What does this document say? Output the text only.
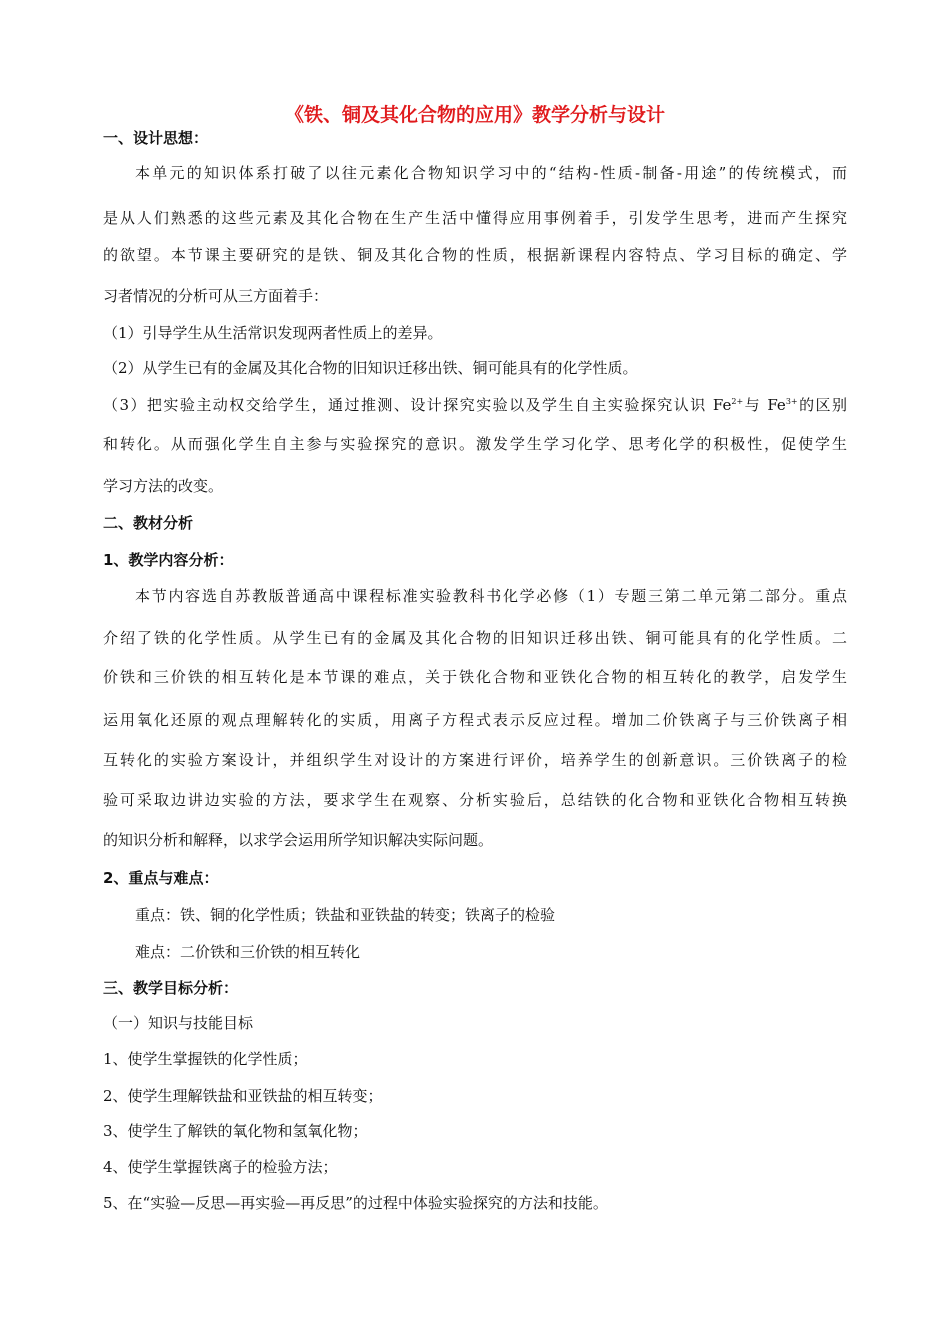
《铁、铜及其化合物的应用》教学分析与设计
一、设计思想：
本单元的知识体系打破了以往元素化合物知识学习中的“结构-性质-制备-用途”的传统模式，而
是从人们熟悉的这些元素及其化合物在生产生活中懂得应用事例着手，引发学生思考，进而产生探究
的欲望。本节课主要研究的是铁、铜及其化合物的性质，根据新课程内容特点、学习目标的确定、学
习者情况的分析可从三方面着手：
（1）引导学生从生活常识发现两者性质上的差异。
（2）从学生已有的金属及其化合物的旧知识迁移出铁、铜可能具有的化学性质。
（3）把实验主动权交给学生，通过推测、设计探究实验以及学生自主实验探究认识 $Fe^{2+}$与 $Fe^{3+}$的区别
和转化。从而强化学生自主参与实验探究的意识。激发学生学习化学、思考化学的积极性，促使学生
学习方法的改变。
二、教材分析
1、教学内容分析：
本节内容选自苏教版普通高中课程标准实验教科书化学必修（1）专题三第二单元第二部分。重点
介绍了铁的化学性质。从学生已有的金属及其化合物的旧知识迁移出铁、铜可能具有的化学性质。二
价铁和三价铁的相互转化是本节课的难点，关于铁化合物和亚铁化合物的相互转化的教学，启发学生
运用氧化还原的观点理解转化的实质，用离子方程式表示反应过程。增加二价铁离子与三价铁离子相
互转化的实验方案设计，并组织学生对设计的方案进行评价，培养学生的创新意识。三价铁离子的检
验可采取边讲边实验的方法，要求学生在观察、分析实验后，总结铁的化合物和亚铁化合物相互转换
的知识分析和解释，以求学会运用所学知识解决实际问题。
2、重点与难点：
重点：铁、铜的化学性质；铁盐和亚铁盐的转变；铁离子的检验
难点：二价铁和三价铁的相互转化
三、教学目标分析：
（一）知识与技能目标
1、使学生掌握铁的化学性质；
2、使学生理解铁盐和亚铁盐的相互转变；
3、使学生了解铁的氧化物和氢氧化物；
4、使学生掌握铁离子的检验方法；
5、在“实验—反思—再实验—再反思”的过程中体验实验探究的方法和技能。
